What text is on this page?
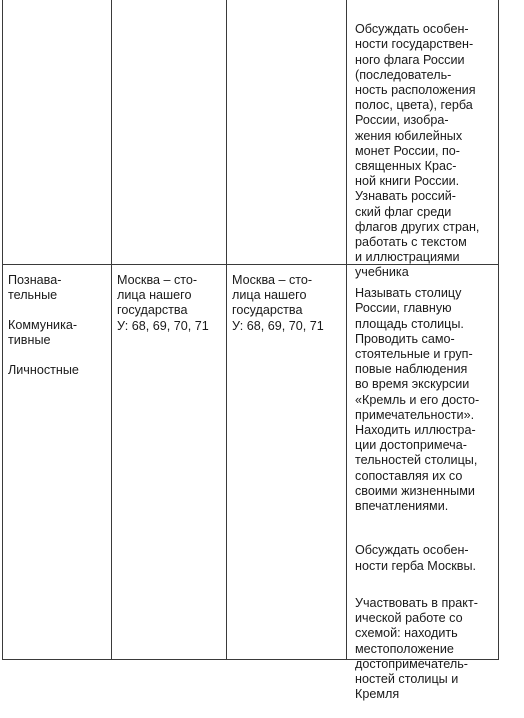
Обсуждать особен-
ности государствен-
ного флага России
(последователь-
ность расположения
полос, цвета), герба
России, изобра-
жения юбилейных
монет России, по-
священных Крас-
ной книги России.
Узнавать россий-
ский флаг среди
флагов других стран,
работать с текстом
и иллюстрациями
учебника

Познава-
тельные
Коммуника-
тивные
Личностные
Москва – сто-
лица нашего
государства
У: 68, 69, 70, 71
Москва – сто-
лица нашего
государства
У: 68, 69, 70, 71

Называть столицу
России, главную
площадь столицы.
Проводить само-
стоятельные и груп-
повые наблюдения
во время экскурсии
«Кремль и его досто-
примечательности».
Находить иллюстра-
ции достопримеча-
тельностей столицы,
сопоставляя их со
своими жизненными
впечатлениями.

Обсуждать особен-
ности герба Москвы.

Участвовать в практ-
ической работе со
схемой: находить
местоположение
достопримечатель-
ностей столицы и
Кремля
